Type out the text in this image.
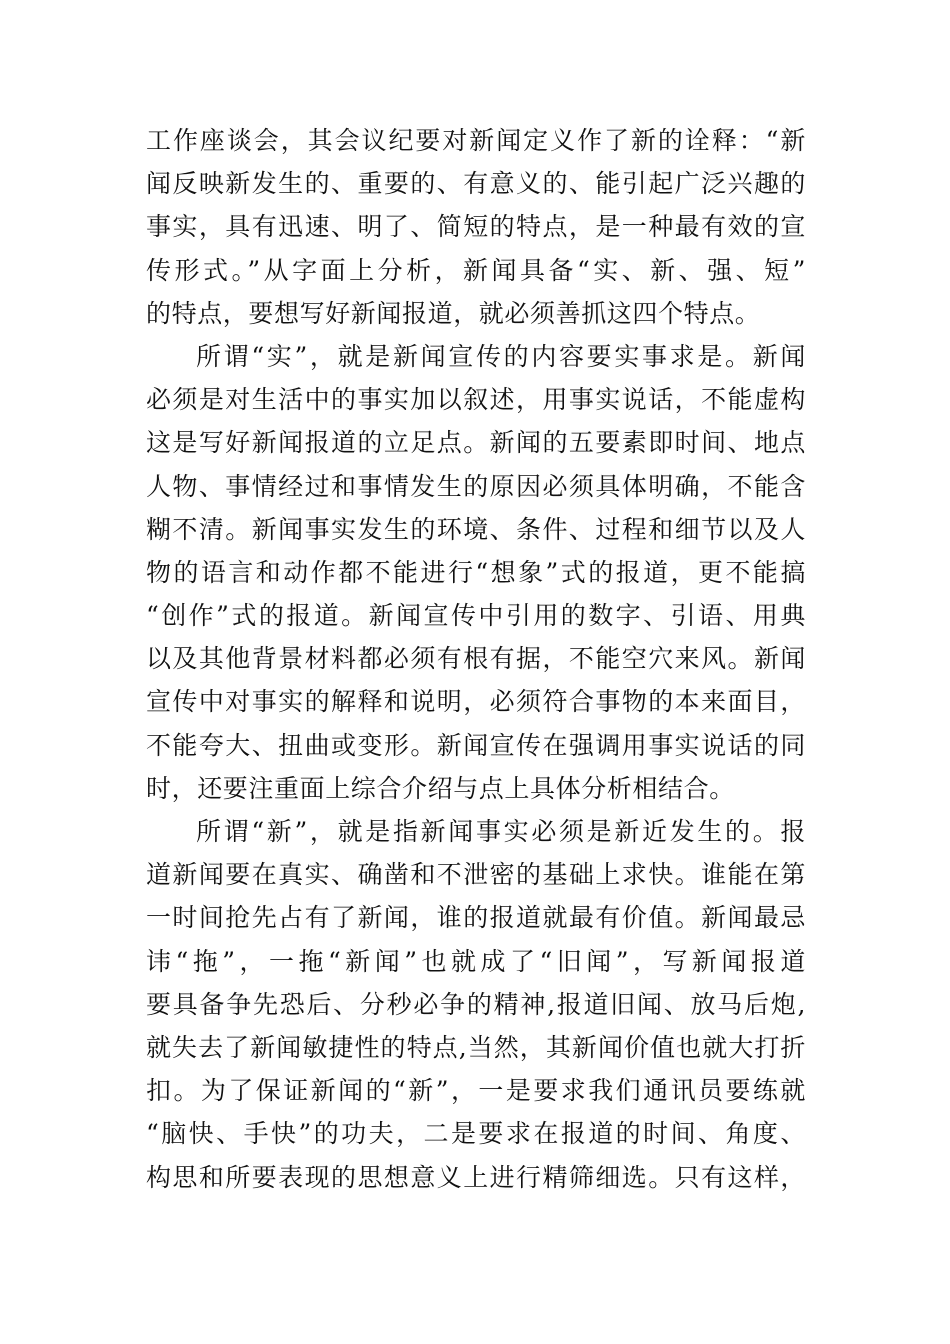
工作座谈会，其会议纪要对新闻定义作了新的诠释：“新
闻反映新发生的、重要的、有意义的、能引起广泛兴趣的
事实，具有迅速、明了、简短的特点，是一种最有效的宣
传形式。”从字面上分析，新闻具备“实、新、强、短”
的特点，要想写好新闻报道，就必须善抓这四个特点。
所谓“实”，就是新闻宣传的内容要实事求是。新闻
必须是对生活中的事实加以叙述，用事实说话，不能虚构
这是写好新闻报道的立足点。新闻的五要素即时间、地点
人物、事情经过和事情发生的原因必须具体明确，不能含
糊不清。新闻事实发生的环境、条件、过程和细节以及人
物的语言和动作都不能进行“想象”式的报道，更不能搞
“创作”式的报道。新闻宣传中引用的数字、引语、用典
以及其他背景材料都必须有根有据，不能空穴来风。新闻
宣传中对事实的解释和说明，必须符合事物的本来面目，
不能夸大、扭曲或变形。新闻宣传在强调用事实说话的同
时，还要注重面上综合介绍与点上具体分析相结合。
所谓“新”，就是指新闻事实必须是新近发生的。报
道新闻要在真实、确凿和不泄密的基础上求快。谁能在第
一时间抢先占有了新闻，谁的报道就最有价值。新闻最忌
讳“拖”，一拖“新闻”也就成了“旧闻”，写新闻报道
要具备争先恐后、分秒必争的精神,报道旧闻、放马后炮,
就失去了新闻敏捷性的特点,当然，其新闻价值也就大打折
扣。为了保证新闻的“新”，一是要求我们通讯员要练就
“脑快、手快”的功夫，二是要求在报道的时间、角度、
构思和所要表现的思想意义上进行精筛细选。只有这样，
